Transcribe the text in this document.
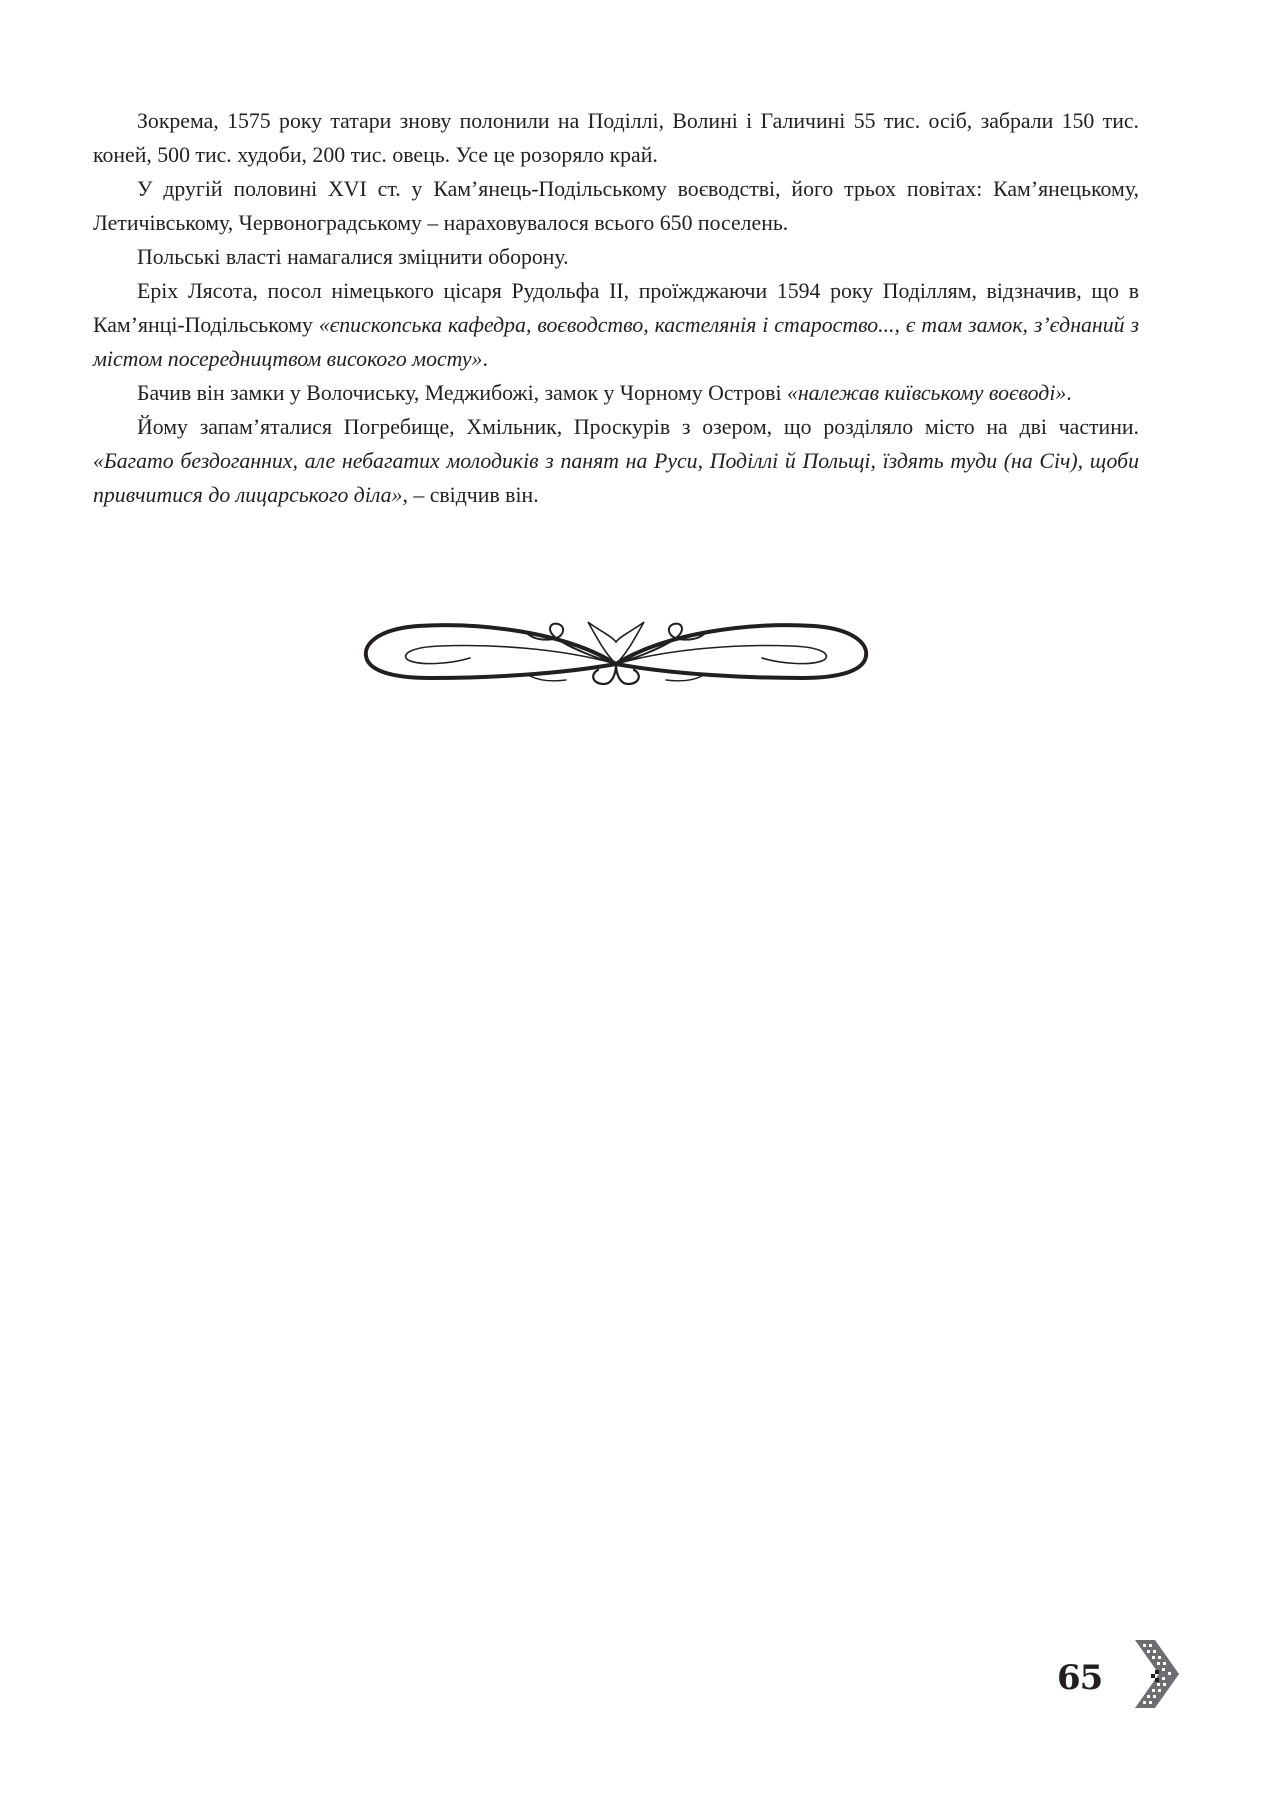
Зокрема, 1575 року татари знову полонили на Поділлі, Волині і Галичині 55 тис. осіб, забрали 150 тис. коней, 500 тис. худоби, 200 тис. овець. Усе це розоряло край.

У другій половині XVI ст. у Кам’янець-Подільському воєводстві, його трьох повітах: Кам’янецькому, Летичівському, Червоноградському – нараховувалося всього 650 поселень.

Польські власті намагалися зміцнити оборону.

Еріх Лясота, посол німецького цісаря Рудольфа II, проїжджаючи 1594 року Поділлям, відзначив, що в Кам’янці-Подільському «єпископська кафедра, воєводство, кастелянія і староство..., є там замок, з’єднаний з містом посередництвом високого мосту».

Бачив він замки у Волочиську, Меджибожі, замок у Чорному Острові «належав київському воєводі».

Йому запам’яталися Погребище, Хмільник, Проскурів з озером, що розділяло місто на дві частини. «Багато бездоганних, але небагатих молодиків з панят на Руси, Поділлі й Польщі, їздять туди (на Січ), щоби привчитися до лицарського діла», – свідчив він.

65
